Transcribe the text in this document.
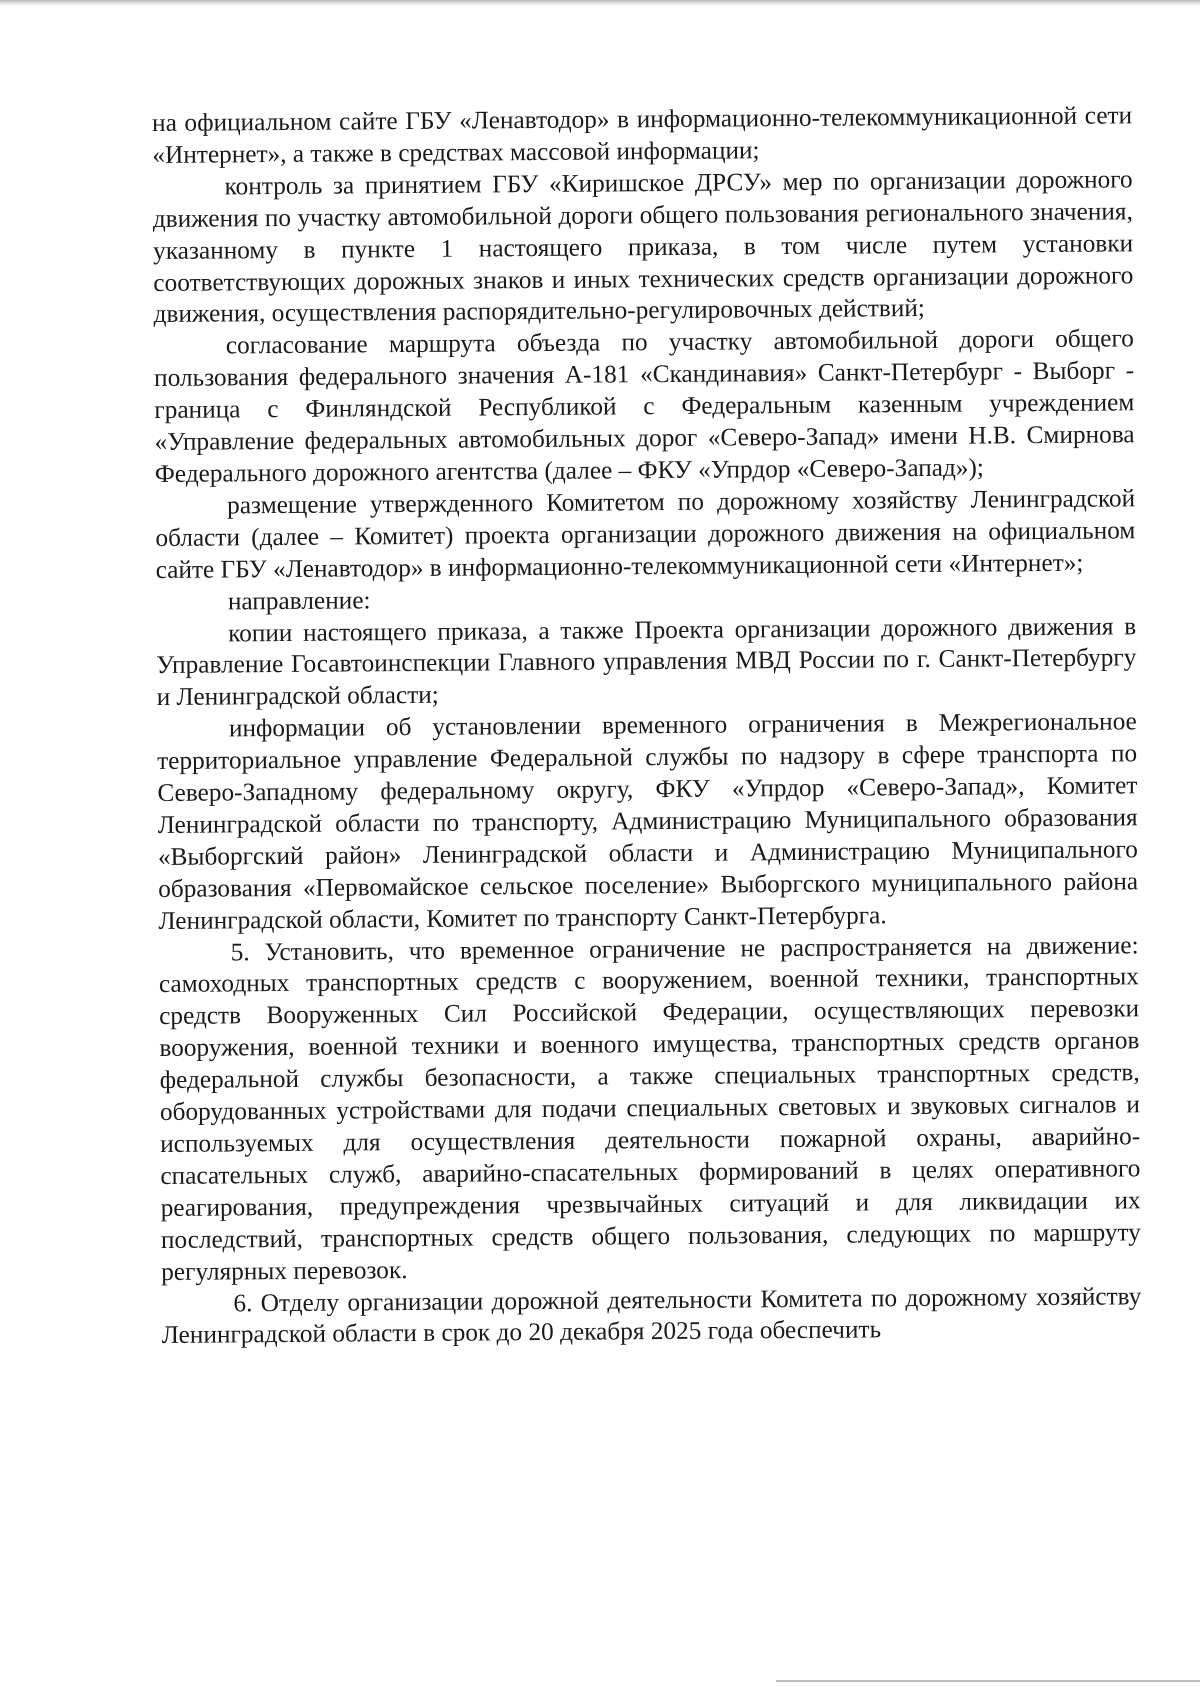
на официальном сайте ГБУ «Ленавтодор» в информационно-телекоммуникационной сети «Интернет», а также в средствах массовой информации;

контроль за принятием ГБУ «Киришское ДРСУ» мер по организации дорожного движения по участку автомобильной дороги общего пользования регионального значения, указанному в пункте 1 настоящего приказа, в том числе путем установки соответствующих дорожных знаков и иных технических средств организации дорожного движения, осуществления распорядительно-регулировочных действий;

согласование маршрута объезда по участку автомобильной дороги общего пользования федерального значения А-181 «Скандинавия» Санкт-Петербург - Выборг - граница с Финляндской Республикой с Федеральным казенным учреждением «Управление федеральных автомобильных дорог «Северо-Запад» имени Н.В. Смирнова Федерального дорожного агентства (далее – ФКУ «Упрдор «Северо-Запад»);

размещение утвержденного Комитетом по дорожному хозяйству Ленинградской области (далее – Комитет) проекта организации дорожного движения на официальном сайте ГБУ «Ленавтодор» в информационно-телекоммуникационной сети «Интернет»;

направление:

копии настоящего приказа, а также Проекта организации дорожного движения в Управление Госавтоинспекции Главного управления МВД России по г. Санкт-Петербургу и Ленинградской области;

информации об установлении временного ограничения в Межрегиональное территориальное управление Федеральной службы по надзору в сфере транспорта по Северо-Западному федеральному округу, ФКУ «Упрдор «Северо-Запад», Комитет Ленинградской области по транспорту, Администрацию Муниципального образования «Выборгский район» Ленинградской области и Администрацию Муниципального образования «Первомайское сельское поселение» Выборгского муниципального района Ленинградской области, Комитет по транспорту Санкт-Петербурга.

5. Установить, что временное ограничение не распространяется на движение: самоходных транспортных средств с вооружением, военной техники, транспортных средств Вооруженных Сил Российской Федерации, осуществляющих перевозки вооружения, военной техники и военного имущества, транспортных средств органов федеральной службы безопасности, а также специальных транспортных средств, оборудованных устройствами для подачи специальных световых и звуковых сигналов и используемых для осуществления деятельности пожарной охраны, аварийно-спасательных служб, аварийно-спасательных формирований в целях оперативного реагирования, предупреждения чрезвычайных ситуаций и для ликвидации их последствий, транспортных средств общего пользования, следующих по маршруту регулярных перевозок.

6. Отделу организации дорожной деятельности Комитета по дорожному хозяйству Ленинградской области в срок до 20 декабря 2025 года обеспечить
